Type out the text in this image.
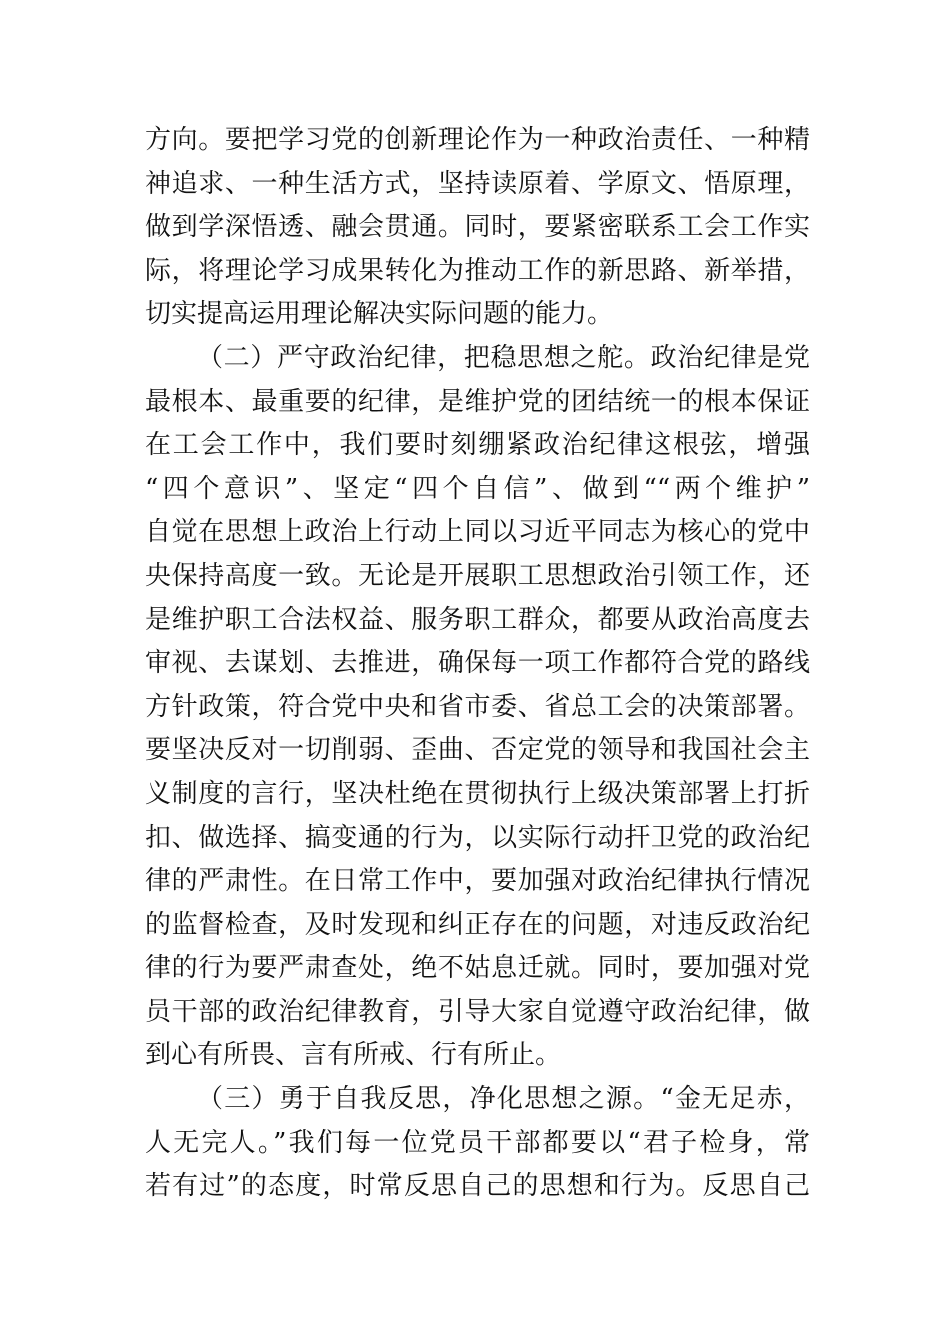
方向。要把学习党的创新理论作为一种政治责任、一种精
神追求、一种生活方式，坚持读原着、学原文、悟原理，
做到学深悟透、融会贯通。同时，要紧密联系工会工作实
际，将理论学习成果转化为推动工作的新思路、新举措，
切实提高运用理论解决实际问题的能力。
（二）严守政治纪律，把稳思想之舵。政治纪律是党
最根本、最重要的纪律，是维护党的团结统一的根本保证
在工会工作中，我们要时刻绷紧政治纪律这根弦，增强
“四个意识”、坚定“四个自信”、做到““两个维护”
自觉在思想上政治上行动上同以习近平同志为核心的党中
央保持高度一致。无论是开展职工思想政治引领工作，还
是维护职工合法权益、服务职工群众，都要从政治高度去
审视、去谋划、去推进，确保每一项工作都符合党的路线
方针政策，符合党中央和省市委、省总工会的决策部署。
要坚决反对一切削弱、歪曲、否定党的领导和我国社会主
义制度的言行，坚决杜绝在贯彻执行上级决策部署上打折
扣、做选择、搞变通的行为，以实际行动扞卫党的政治纪
律的严肃性。在日常工作中，要加强对政治纪律执行情况
的监督检查，及时发现和纠正存在的问题，对违反政治纪
律的行为要严肃查处，绝不姑息迁就。同时，要加强对党
员干部的政治纪律教育，引导大家自觉遵守政治纪律，做
到心有所畏、言有所戒、行有所止。
（三）勇于自我反思，净化思想之源。“金无足赤，
人无完人。”我们每一位党员干部都要以“君子检身，常
若有过”的态度，时常反思自己的思想和行为。反思自己
